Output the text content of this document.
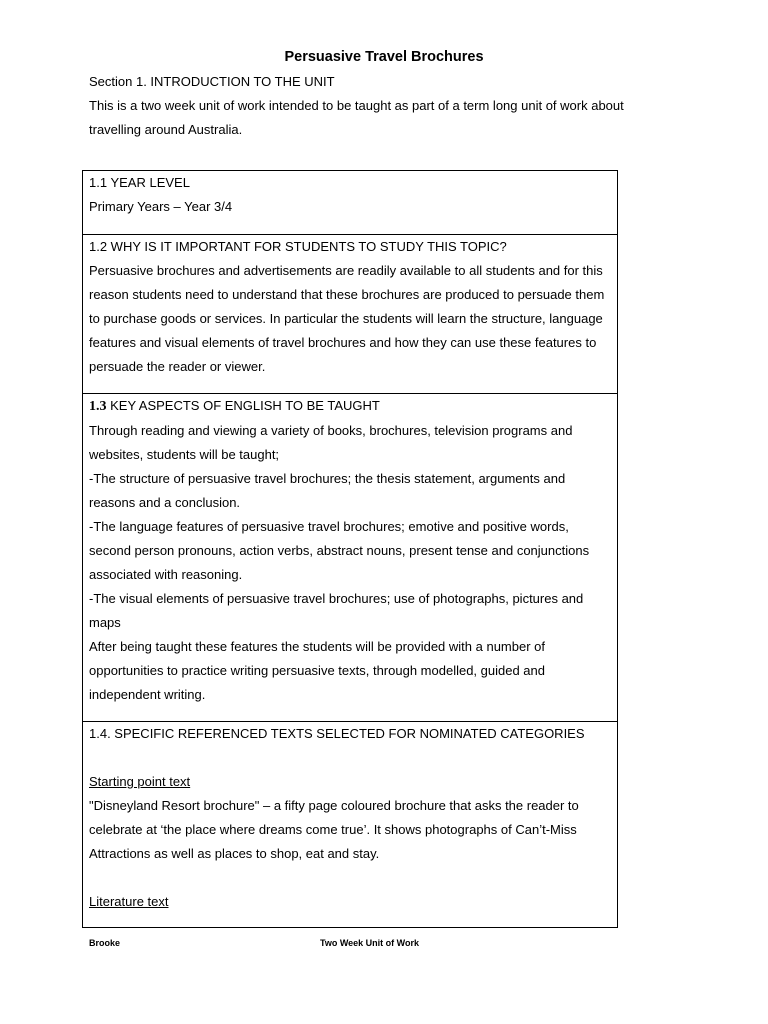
Persuasive Travel Brochures
Section 1. INTRODUCTION TO THE UNIT
This is a two week unit of work intended to be taught as part of a term long unit of work about travelling around Australia.

1.1 YEAR LEVEL

Primary Years – Year 3/4

1.2 WHY IS IT IMPORTANT FOR STUDENTS TO STUDY THIS TOPIC?

Persuasive brochures and advertisements are readily available to all students and for this reason students need to understand that these brochures are produced to persuade them to purchase goods or services. In particular the students will learn the structure, language features and visual elements of travel brochures and how they can use these features to persuade the reader or viewer.

1.3 KEY ASPECTS OF ENGLISH TO BE TAUGHT

Through reading and viewing a variety of books, brochures, television programs and websites, students will be taught;

-The structure of persuasive travel brochures; the thesis statement, arguments and reasons and a conclusion.

-The language features of persuasive travel brochures; emotive and positive words, second person pronouns, action verbs, abstract nouns, present tense and conjunctions associated with reasoning.

-The visual elements of persuasive travel brochures; use of photographs, pictures and maps

After being taught these features the students will be provided with a number of opportunities to practice writing persuasive texts, through modelled, guided and independent writing.

1.4. SPECIFIC REFERENCED TEXTS SELECTED FOR NOMINATED CATEGORIES

Starting point text

"Disneyland Resort brochure" – a fifty page coloured brochure that asks the reader to celebrate at ‘the place where dreams come true’. It shows photographs of Can’t-Miss Attractions as well as places to shop, eat and stay.

Literature text

Brooke	Two Week Unit of Work
